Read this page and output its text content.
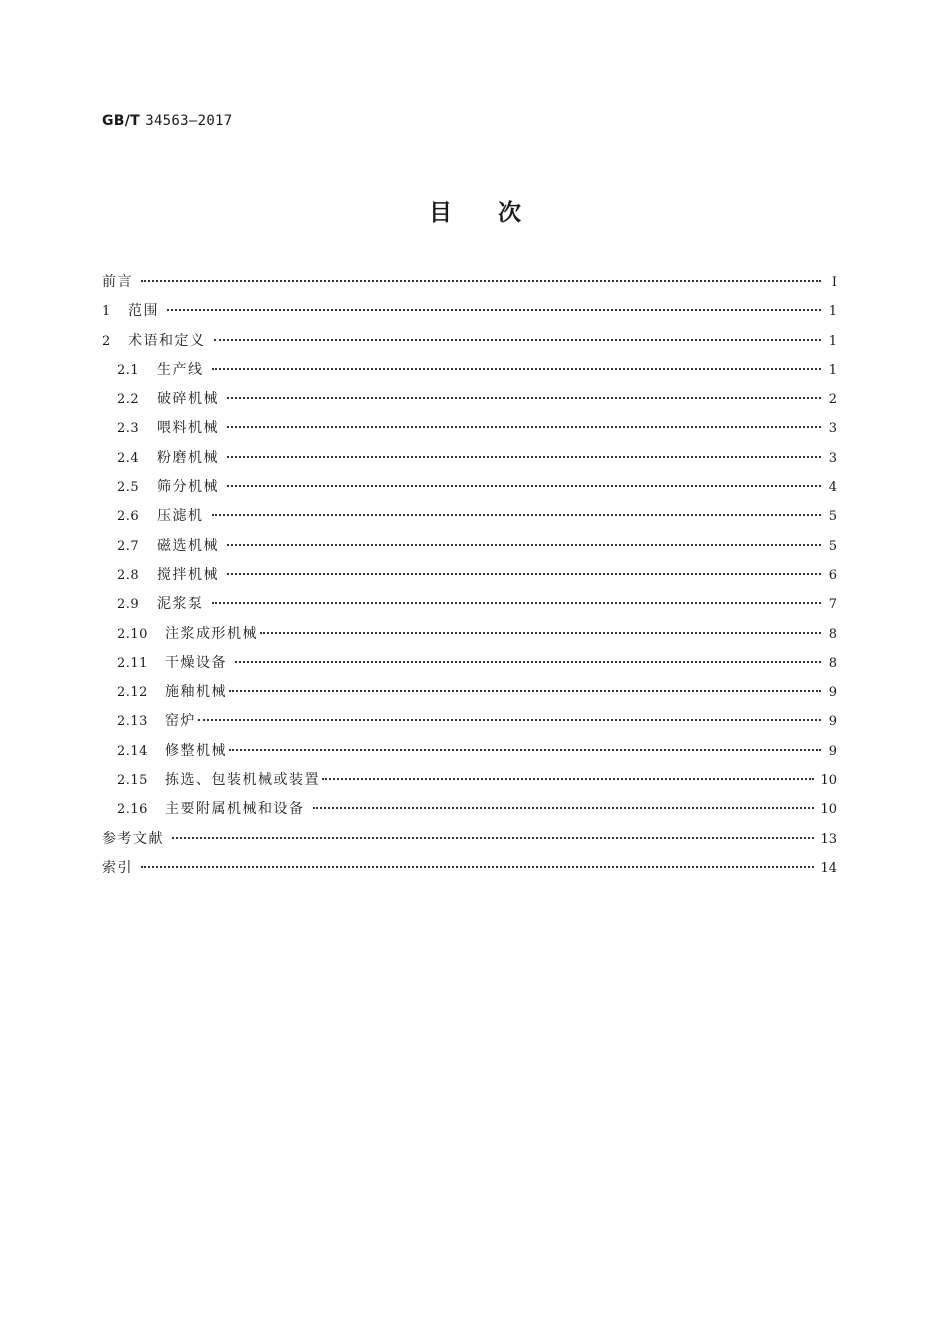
GB/T 34563—2017
目次
前言	Ⅰ
1	范围	1
2	术语和定义	1
2.1	生产线	1
2.2	破碎机械	2
2.3	喂料机械	3
2.4	粉磨机械	3
2.5	筛分机械	4
2.6	压滤机	5
2.7	磁选机械	5
2.8	搅拌机械	6
2.9	泥浆泵	7
2.10	注浆成形机械	8
2.11	干燥设备	8
2.12	施釉机械	9
2.13	窑炉	9
2.14	修整机械	9
2.15	拣选、包装机械或装置	10
2.16	主要附属机械和设备	10
参考文献	13
索引	14
